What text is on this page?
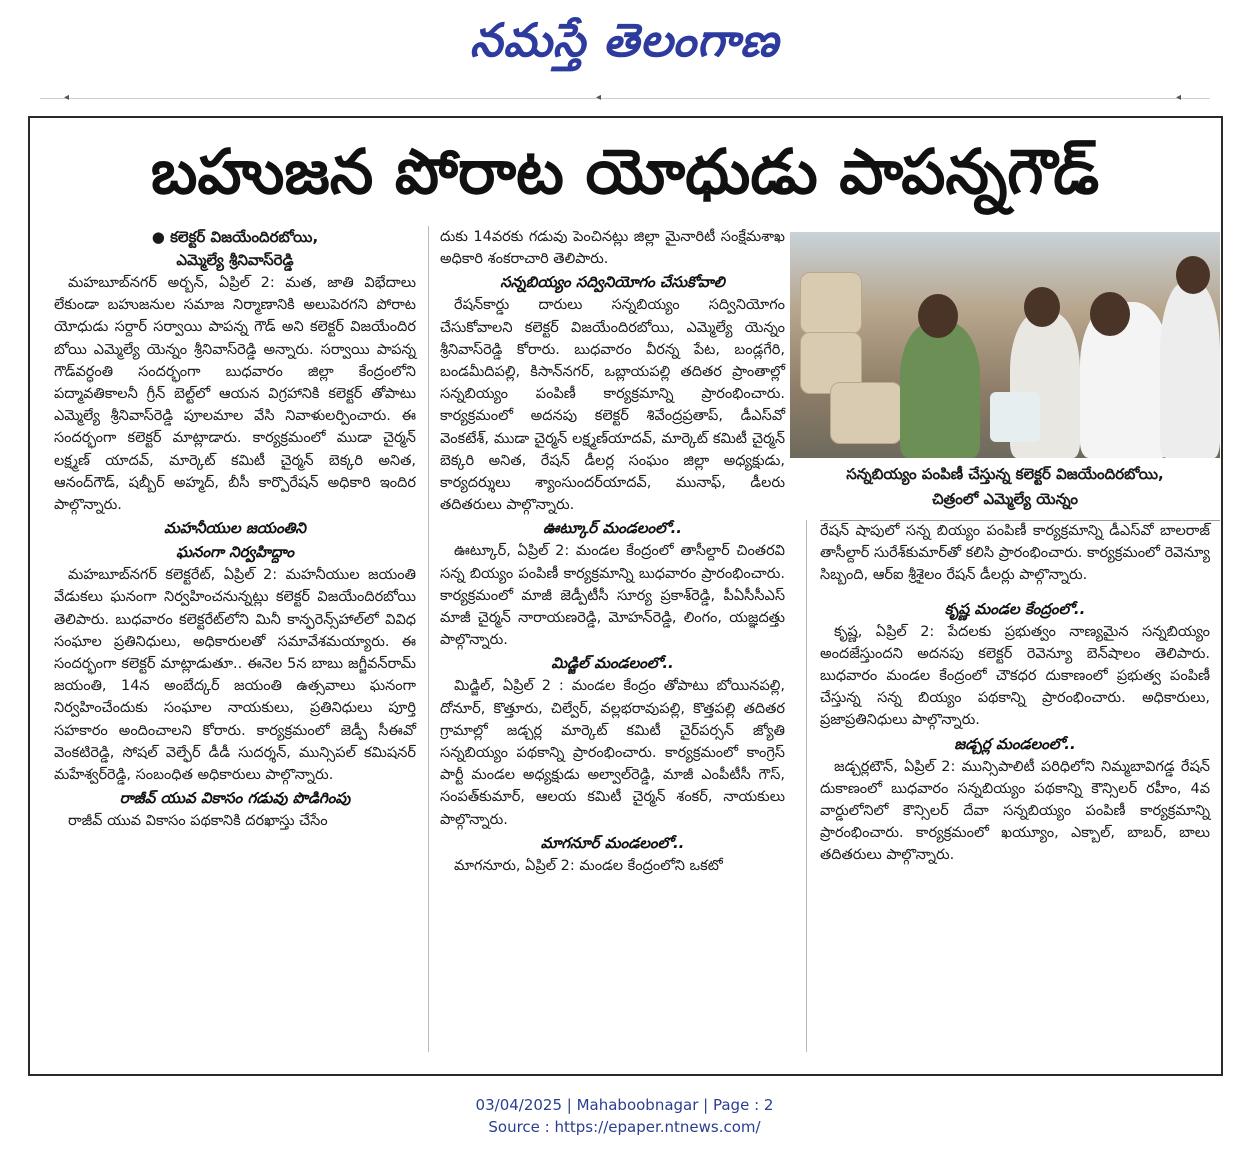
నమస్తే తెలంగాణ
◂	◂	◂
బహుజన పోరాట యోధుడు పాపన్నగౌడ్
● కలెక్టర్ విజయేందిరబోయి,
ఎమ్మెల్యే శ్రీనివాస్‌రెడ్డి

మహబూబ్‌నగర్ అర్బన్, ఏప్రిల్ 2: మత, జాతి విభేదాలు లేకుండా బహుజనుల సమాజ నిర్మాణానికి అలుపెరగని పోరాట యోధుడు సర్దార్ సర్వాయి పాపన్న గౌడ్ అని కలెక్టర్ విజయేందిర బోయి ఎమ్మెల్యే యెన్నం శ్రీనివాస్‌రెడ్డి అన్నారు. సర్వాయి పాపన్న గౌడ్‌వర్ధంతి సందర్భంగా బుధవారం జిల్లా కేంద్రంలోని పద్మావతికాలనీ గ్రీన్ బెల్ట్‌లో ఆయన విగ్రహానికి కలెక్టర్ తోపాటు ఎమ్మెల్యే శ్రీనివాస్‌రెడ్డి పూలమాల వేసి నివాళులర్పించారు. ఈ సందర్భంగా కలెక్టర్ మాట్లాడారు. కార్యక్రమంలో ముడా చైర్మన్ లక్ష్మణ్ యాదవ్, మార్కెట్ కమిటీ చైర్మన్ బెక్కరి అనిత, ఆనంద్‌గౌడ్, షబ్బీర్ అహ్మద్, బీసీ కార్పొరేషన్ అధికారి ఇందిర పాల్గొన్నారు.

మహనీయుల జయంతిని
ఘనంగా నిర్వహిద్దాం

మహబూబ్‌నగర్ కలెక్టరేట్, ఏప్రిల్ 2: మహనీయుల జయంతి వేడుకలు ఘనంగా నిర్వహించనున్నట్లు కలెక్టర్ విజయేందిరబోయి తెలిపారు. బుధవారం కలెక్టరేట్‌లోని మినీ కాన్ఫరెన్స్‌హాల్‌లో వివిధ సంఘాల ప్రతినిధులు, అధికారులతో సమావేశమయ్యారు. ఈ సందర్భంగా కలెక్టర్ మాట్లాడుతూ.. ఈనెల 5న బాబు జగ్జీవన్‌రామ్ జయంతి, 14న అంబేద్కర్ జయంతి ఉత్సవాలు ఘనంగా నిర్వహించేందుకు సంఘాల నాయకులు, ప్రతినిధులు పూర్తి సహకారం అందించాలని కోరారు. కార్యక్రమంలో జెడ్పీ సీఈవో వెంకటిరెడ్డి, సోషల్ వెల్ఫేర్ డీడీ సుదర్శన్, మున్సిపల్ కమిషనర్ మహేశ్వర్‌రెడ్డి, సంబంధిత అధికారులు పాల్గొన్నారు.

రాజీవ్ యువ వికాసం గడువు పొడిగింపు

రాజీవ్ యువ వికాసం పథకానికి దరఖాస్తు చేసేం

దుకు 14వరకు గడువు పెంచినట్లు జిల్లా మైనారిటీ సంక్షేమశాఖ అధికారి శంకరాచారి తెలిపారు.

సన్నబియ్యం సద్వినియోగం చేసుకోవాలి

రేషన్‌కార్డు దారులు సన్నబియ్యం సద్వినియోగం చేసుకోవాలని కలెక్టర్ విజయేందిరబోయి, ఎమ్మెల్యే యెన్నం శ్రీనివాస్‌రెడ్డి కోరారు. బుధవారం వీరన్న పేట, బండ్లగేరి, బండమీదిపల్లి, కిసాన్‌నగర్, ఒబ్లాయపల్లి తదితర ప్రాంతాల్లో సన్నబియ్యం పంపిణీ కార్యక్రమాన్ని ప్రారంభించారు. కార్యక్రమంలో అదనపు కలెక్టర్ శివేంద్రప్రతాప్, డీఎస్‌వో వెంకటేశ్, ముడా చైర్మన్ లక్ష్మణ్‌యాదవ్, మార్కెట్ కమిటీ చైర్మన్ బెక్కరి అనిత, రేషన్ డీలర్ల సంఘం జిల్లా అధ్యక్షుడు, కార్యదర్శులు శ్యాంసుందర్‌యాదవ్, మునాఫ్, డీలరు తదితరులు పాల్గొన్నారు.

ఊట్కూర్ మండలంలో..

ఊట్కూర్, ఏప్రిల్ 2: మండల కేంద్రంలో తాసీల్దార్ చింతరవి సన్న బియ్యం పంపిణీ కార్యక్రమాన్ని బుధవారం ప్రారంభించారు. కార్యక్రమంలో మాజీ జెడ్పీటీసీ సూర్య ప్రకాశ్‌రెడ్డి, పీఏసీసీఎస్ మాజీ చైర్మన్ నారాయణరెడ్డి, మోహన్‌రెడ్డి, లింగం, యజ్ఞదత్తు పాల్గొన్నారు.

మిడ్జిల్ మండలంలో..

మిడ్జిల్, ఏప్రిల్ 2 : మండల కేంద్రం తోపాటు బోయినపల్లి, దోనూర్, కొత్తూరు, చిల్వేర్, వల్లభరావుపల్లి, కొత్తపల్లి తదితర గ్రామాల్లో జడ్చర్ల మార్కెట్ కమిటీ చైర్‌పర్సన్ జ్యోతి సన్నబియ్యం పథకాన్ని ప్రారంభించారు. కార్యక్రమంలో కాంగ్రెస్ పార్టీ మండల అధ్యక్షుడు అల్వాల్‌రెడ్డి, మాజీ ఎంపీటీసీ గౌస్, సంపత్‌కుమార్, ఆలయ కమిటీ చైర్మన్ శంకర్, నాయకులు పాల్గొన్నారు.

మాగనూర్ మండలంలో..

మాగనూరు, ఏప్రిల్ 2: మండల కేంద్రంలోని ఒకటో

సన్నబియ్యం పంపిణీ చేస్తున్న కలెక్టర్ విజయేందిరబోయి,
చిత్రంలో ఎమ్మెల్యే యెన్నం

రేషన్ షాపులో సన్న బియ్యం పంపిణీ కార్యక్రమాన్ని డీఎస్‌వో బాలరాజ్ తాసీల్దార్ సురేశ్‌కుమార్‌తో కలిసి ప్రారంభించారు. కార్యక్రమంలో రెవెన్యూ సిబ్బంది, ఆర్‌ఐ శ్రీశైలం రేషన్ డీలర్లు పాల్గొన్నారు.

కృష్ణ మండల కేంద్రంలో..

కృష్ణ, ఏప్రిల్ 2: పేదలకు ప్రభుత్వం నాణ్యమైన సన్నబియ్యం అందజేస్తుందని అదనపు కలెక్టర్ రెవెన్యూ బెన్‌షాలం తెలిపారు. బుధవారం మండల కేంద్రంలో చౌకధర దుకాణంలో ప్రభుత్వ పంపిణీ చేస్తున్న సన్న బియ్యం పథకాన్ని ప్రారంభించారు. అధికారులు, ప్రజాప్రతినిధులు పాల్గొన్నారు.

జడ్చర్ల మండలంలో..

జడ్చర్లటౌన్, ఏప్రిల్ 2: మున్సిపాలిటీ పరిధిలోని నిమ్మబావిగడ్డ రేషన్ దుకాణంలో బుధవారం సన్నబియ్యం పథకాన్ని కౌన్సిలర్ రహీం, 4వ వార్డులోనిలో కౌన్సిలర్ దేవా సన్నబియ్యం పంపిణీ కార్యక్రమాన్ని ప్రారంభించారు. కార్యక్రమంలో ఖయ్యూం, ఎక్బాల్, బాబర్, బాలు తదితరులు పాల్గొన్నారు.

03/04/2025 | Mahaboobnagar | Page : 2
Source : https://epaper.ntnews.com/
